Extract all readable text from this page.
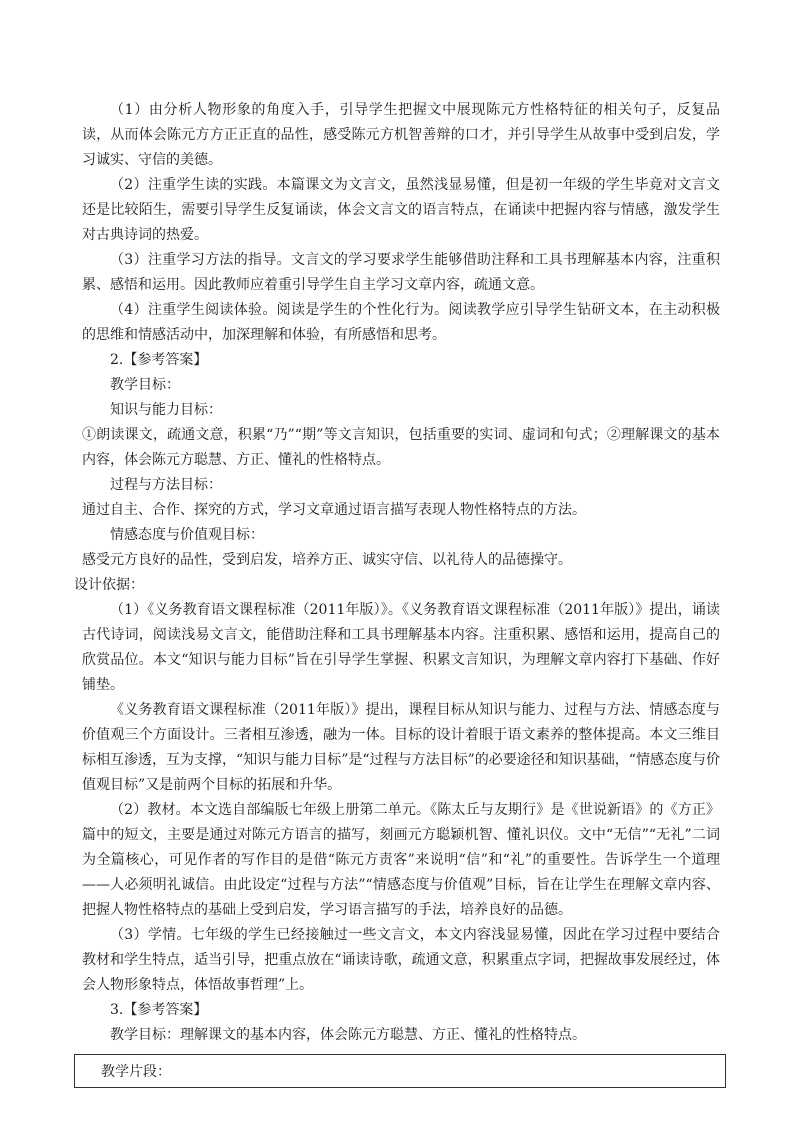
（1）由分析人物形象的角度入手，引导学生把握文中展现陈元方性格特征的相关句子，反复品读，从而体会陈元方方正正直的品性，感受陈元方机智善辩的口才，并引导学生从故事中受到启发，学习诚实、守信的美德。

（2）注重学生读的实践。本篇课文为文言文，虽然浅显易懂，但是初一年级的学生毕竟对文言文还是比较陌生，需要引导学生反复诵读，体会文言文的语言特点，在诵读中把握内容与情感，激发学生对古典诗词的热爱。

（3）注重学习方法的指导。文言文的学习要求学生能够借助注释和工具书理解基本内容，注重积累、感悟和运用。因此教师应着重引导学生自主学习文章内容，疏通文意。

（4）注重学生阅读体验。阅读是学生的个性化行为。阅读教学应引导学生钻研文本，在主动积极的思维和情感活动中，加深理解和体验，有所感悟和思考。

2.【参考答案】

教学目标：

知识与能力目标：

①朗读课文，疏通文意，积累“乃”“期”等文言知识，包括重要的实词、虚词和句式；②理解课文的基本内容，体会陈元方聪慧、方正、懂礼的性格特点。

过程与方法目标：

通过自主、合作、探究的方式，学习文章通过语言描写表现人物性格特点的方法。

情感态度与价值观目标：

感受元方良好的品性，受到启发，培养方正、诚实守信、以礼待人的品德操守。

设计依据：

（1）《义务教育语文课程标准（2011年版）》。《义务教育语文课程标准（2011年版）》提出，诵读古代诗词，阅读浅易文言文，能借助注释和工具书理解基本内容。注重积累、感悟和运用，提高自己的欣赏品位。本文“知识与能力目标”旨在引导学生掌握、积累文言知识，为理解文章内容打下基础、作好铺垫。

《义务教育语文课程标准（2011年版）》提出，课程目标从知识与能力、过程与方法、情感态度与价值观三个方面设计。三者相互渗透，融为一体。目标的设计着眼于语文素养的整体提高。本文三维目标相互渗透，互为支撑，“知识与能力目标”是“过程与方法目标”的必要途径和知识基础，“情感态度与价值观目标”又是前两个目标的拓展和升华。

（2）教材。本文选自部编版七年级上册第二单元。《陈太丘与友期行》是《世说新语》的《方正》篇中的短文，主要是通过对陈元方语言的描写，刻画元方聪颖机智、懂礼识仪。文中“无信”“无礼”二词为全篇核心，可见作者的写作目的是借“陈元方责客”来说明“信”和“礼”的重要性。告诉学生一个道理——人必须明礼诚信。由此设定“过程与方法”“情感态度与价值观”目标，旨在让学生在理解文章内容、把握人物性格特点的基础上受到启发，学习语言描写的手法，培养良好的品德。

（3）学情。七年级的学生已经接触过一些文言文，本文内容浅显易懂，因此在学习过程中要结合教材和学生特点，适当引导，把重点放在“诵读诗歌，疏通文意，积累重点字词，把握故事发展经过，体会人物形象特点，体悟故事哲理”上。

3.【参考答案】

教学目标：理解课文的基本内容，体会陈元方聪慧、方正、懂礼的性格特点。

教学片段：
